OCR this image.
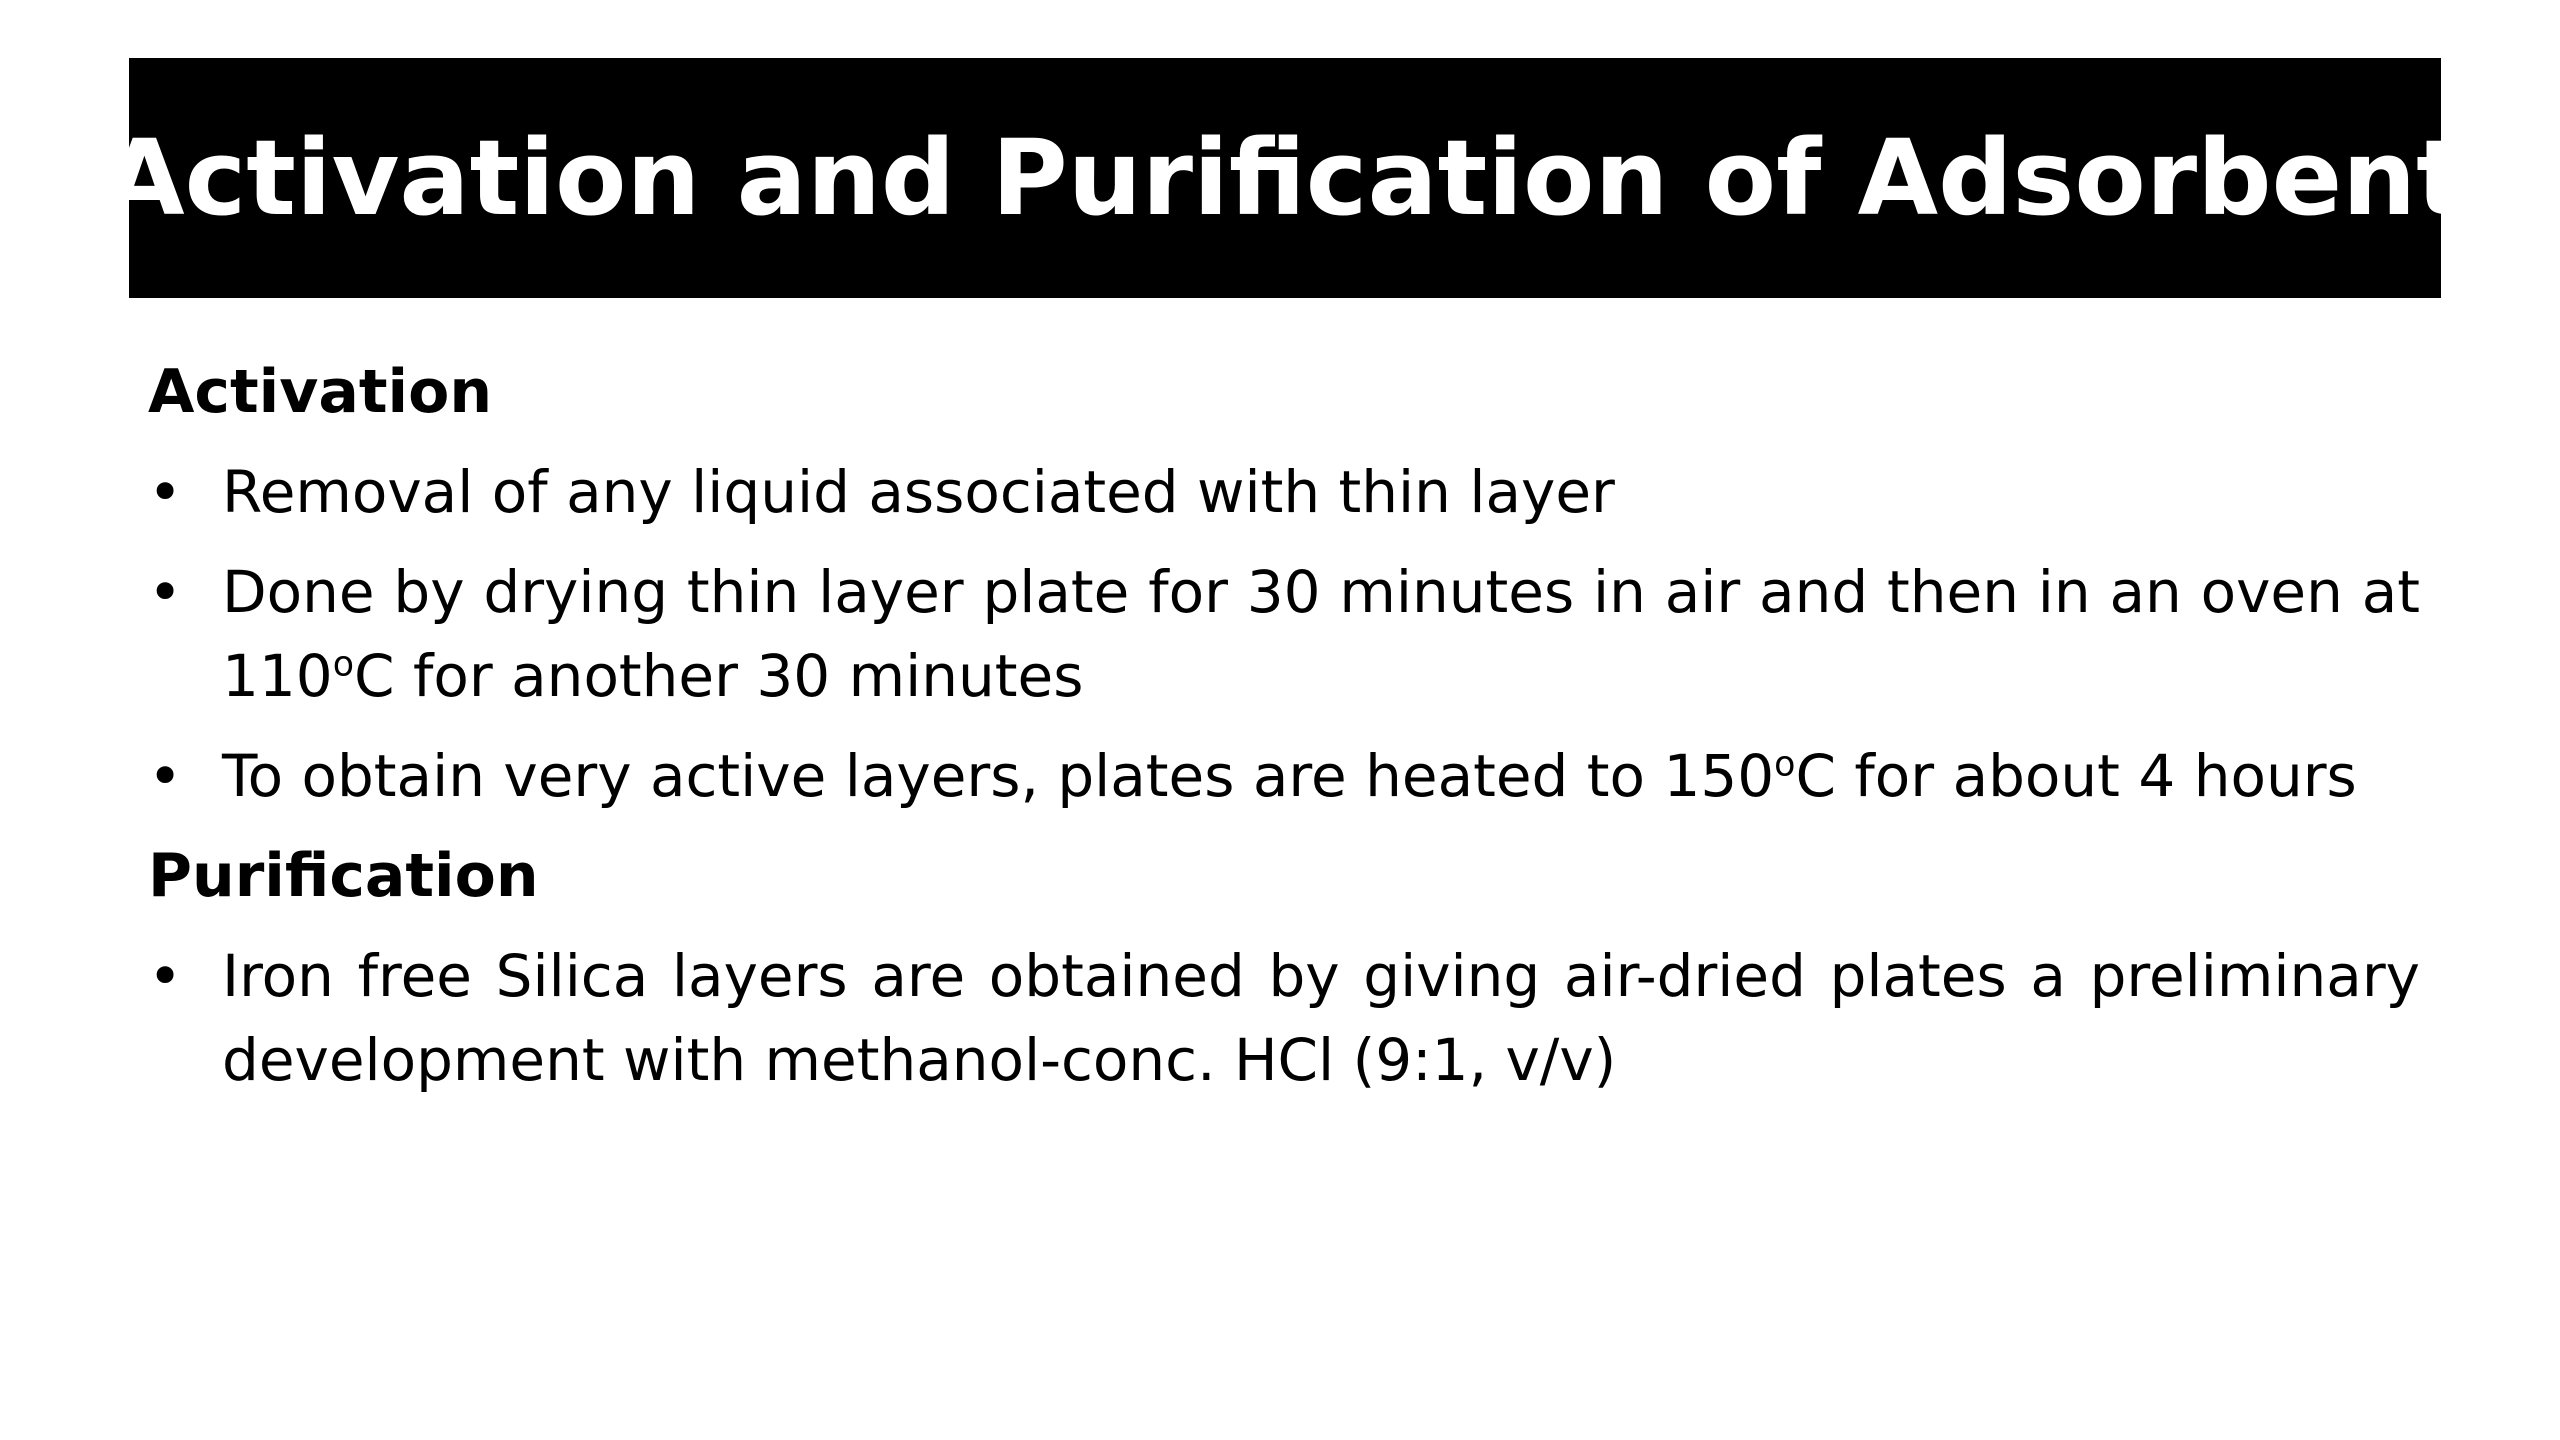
Activation and Purification of Adsorbent
Activation
• Removal of any liquid associated with thin layer
• Done by drying thin layer plate for 30 minutes in air and then in an oven at 110$^o$C for another 30 minutes
• To obtain very active layers, plates are heated to 150$^o$C for about 4 hours
Purification
• Iron free Silica layers are obtained by giving air-dried plates a preliminary development with methanol-conc. HCl (9:1, v/v)
